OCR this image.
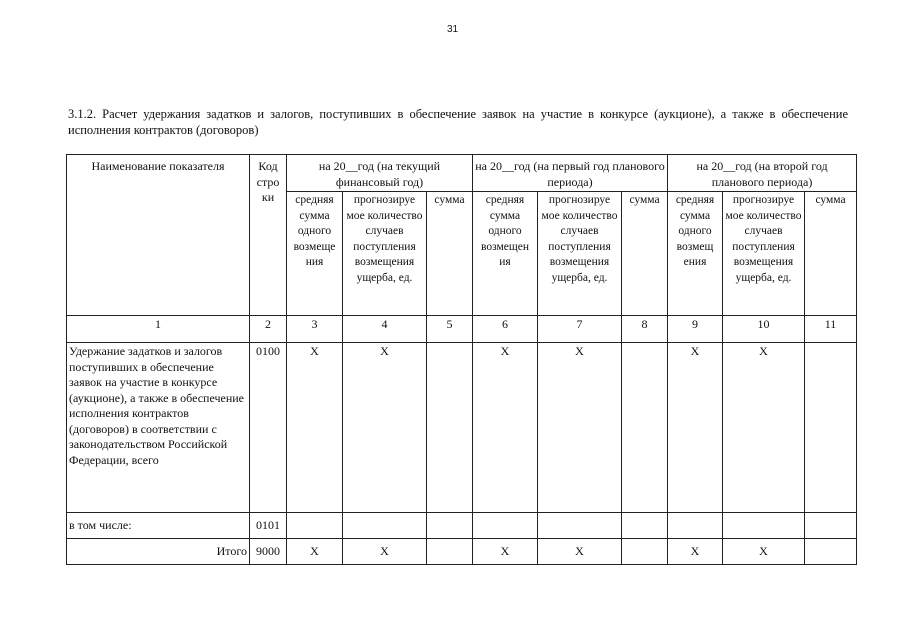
31
3.1.2. Расчет удержания задатков и залогов, поступивших в обеспечение заявок на участие в конкурсе (аукционе), а также в обеспечение исполнения контрактов (договоров)
Наименование показателя	Код стро ки	на 20__год (на текущий финансовый год)			на 20__год (на первый год планового периода)			на 20__год (на второй год планового периода)		
		средняя сумма одного возмеще ния	прогнозируе мое количество случаев поступления возмещения ущерба, ед.	сумма	средняя сумма одного возмещен ия	прогнозируе мое количество случаев поступления возмещения ущерба, ед.	сумма	средняя сумма одного возмещ ения	прогнозируе мое количество случаев поступления возмещения ущерба, ед.	сумма
1	2	3	4	5	6	7	8	9	10	11
Удержание задатков и залогов поступивших в обеспечение заявок на участие в конкурсе (аукционе), а также в обеспечение исполнения контрактов (договоров) в соответствии с законодательством Российской Федерации, всего	0100	X	X		X	X		X	X	
в том числе:	0101									
Итого	9000	X	X		X	X		X	X	
